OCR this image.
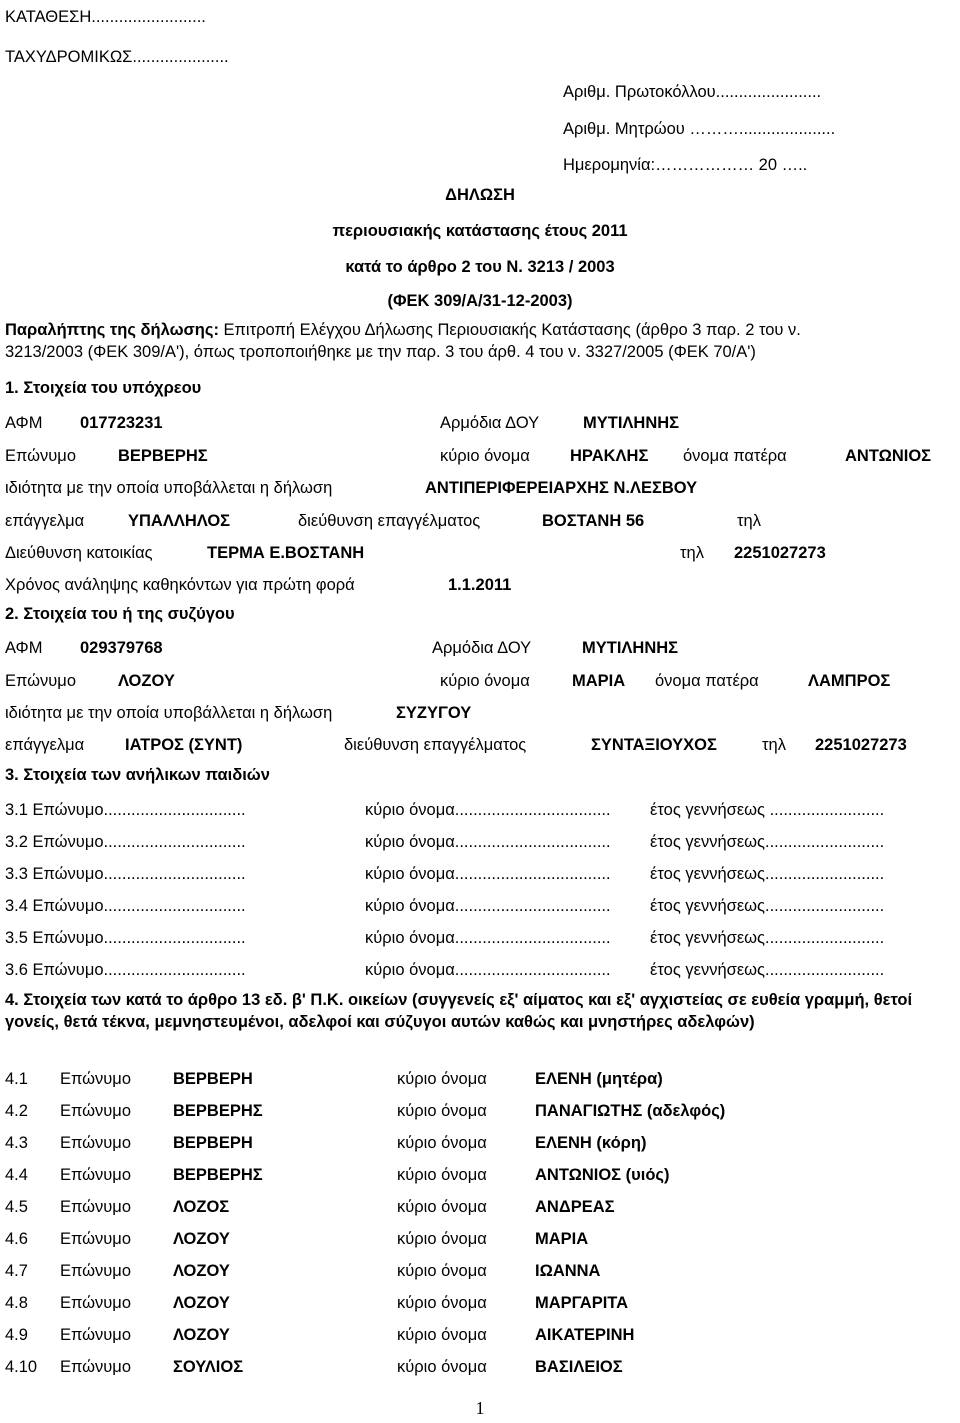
ΚΑΤΑΘΕΣΗ.........................
ΤΑΧΥΔΡΟΜΙΚΩΣ.....................
Αριθμ. Πρωτοκόλλου.......................
Αριθμ. Μητρώου ……….....................
Ημερομηνία:……………… 20 …..
ΔΗΛΩΣΗ
περιουσιακής κατάστασης έτους 2011
κατά το άρθρο 2 του Ν. 3213 / 2003
(ΦΕΚ 309/Α/31-12-2003)
Παραλήπτης της δήλωσης: Επιτροπή Ελέγχου Δήλωσης Περιουσιακής Κατάστασης (άρθρο 3 παρ. 2 του ν.
3213/2003 (ΦΕΚ 309/Α'), όπως τροποποιήθηκε με την παρ. 3 του άρθ. 4 του ν. 3327/2005 (ΦΕΚ 70/Α')
1. Στοιχεία του υπόχρεου
ΑΦΜ 017723231	Αρμόδια ΔΟΥ	ΜΥΤΙΛΗΝΗΣ
Επώνυμο	ΒΕΡΒΕΡΗΣ	κύριο όνομα ΗΡΑΚΛΗΣ όνομα πατέρα	ΑΝΤΩΝΙΟΣ
ιδιότητα με την οποία υποβάλλεται η δήλωση	ΑΝΤΙΠΕΡΙΦΕΡΕΙΑΡΧΗΣ Ν.ΛΕΣΒΟΥ
επάγγελμα	ΥΠΑΛΛΗΛΟΣ	διεύθυνση επαγγέλματος	ΒΟΣΤΑΝΗ 56	τηλ
Διεύθυνση κατοικίας	ΤΕΡΜΑ Ε.ΒΟΣΤΑΝΗ	τηλ 2251027273
Χρόνος ανάληψης καθηκόντων για πρώτη φορά	1.1.2011
2. Στοιχεία του ή της συζύγου
ΑΦΜ 029379768	Αρμόδια ΔΟΥ	ΜΥΤΙΛΗΝΗΣ
Επώνυμο	ΛΟΖΟΥ	κύριο όνομα	ΜΑΡΙΑ όνομα πατέρα	ΛΑΜΠΡΟΣ
ιδιότητα με την οποία υποβάλλεται η δήλωση	ΣΥΖΥΓΟΥ
επάγγελμα ΙΑΤΡΟΣ (ΣΥΝΤ)	διεύθυνση επαγγέλματος	ΣΥΝΤΑΞΙΟΥΧΟΣ	τηλ 2251027273
3. Στοιχεία των ανήλικων παιδιών
3.1 Επώνυμο...............................	κύριο όνομα.................................. έτος γεννήσεως .........................
3.2 Επώνυμο...............................	κύριο όνομα.................................. έτος γεννήσεως..........................
3.3 Επώνυμο...............................	κύριο όνομα.................................. έτος γεννήσεως..........................
3.4 Επώνυμο...............................	κύριο όνομα.................................. έτος γεννήσεως..........................
3.5 Επώνυμο...............................	κύριο όνομα.................................. έτος γεννήσεως..........................
3.6 Επώνυμο...............................	κύριο όνομα.................................. έτος γεννήσεως..........................
4. Στοιχεία των κατά το άρθρο 13 εδ. β' Π.Κ. οικείων (συγγενείς εξ' αίματος και εξ' αγχιστείας σε ευθεία γραμμή, θετοί γονείς, θετά τέκνα, μεμνηστευμένοι, αδελφοί και σύζυγοι αυτών καθώς και μνηστήρες αδελφών)
4.1 Επώνυμο	ΒΕΡΒΕΡΗ	κύριο όνομα	ΕΛΕΝΗ (μητέρα)
4.2 Επώνυμο	ΒΕΡΒΕΡΗΣ	κύριο όνομα	ΠΑΝΑΓΙΩΤΗΣ (αδελφός)
4.3 Επώνυμο	ΒΕΡΒΕΡΗ	κύριο όνομα	ΕΛΕΝΗ (κόρη)
4.4 Επώνυμο	ΒΕΡΒΕΡΗΣ	κύριο όνομα	ΑΝΤΩΝΙΟΣ (υιός)
4.5 Επώνυμο	ΛΟΖΟΣ	κύριο όνομα	ΑΝΔΡΕΑΣ
4.6 Επώνυμο	ΛΟΖΟΥ	κύριο όνομα	ΜΑΡΙΑ
4.7 Επώνυμο	ΛΟΖΟΥ	κύριο όνομα	ΙΩΑΝΝΑ
4.8 Επώνυμο	ΛΟΖΟΥ	κύριο όνομα	ΜΑΡΓΑΡΙΤΑ
4.9 Επώνυμο	ΛΟΖΟΥ	κύριο όνομα	ΑΙΚΑΤΕΡΙΝΗ
4.10 Επώνυμο	ΣΟΥΛΙΟΣ	κύριο όνομα	ΒΑΣΙΛΕΙΟΣ
1
